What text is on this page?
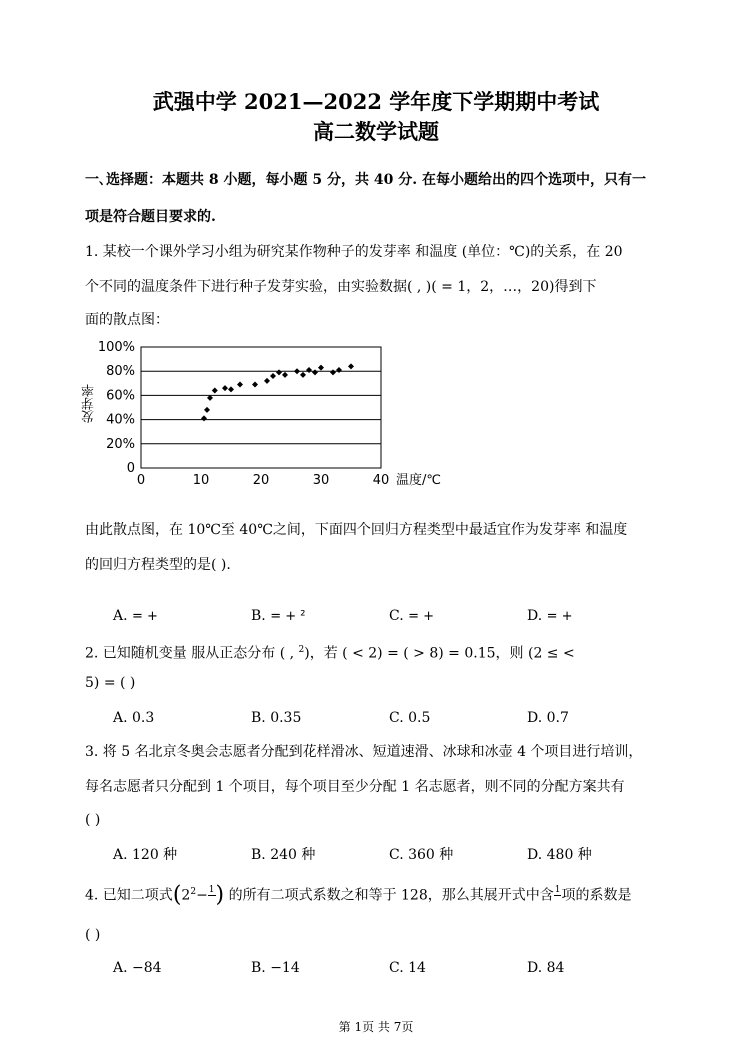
武强中学 2021—2022 学年度下学期期中考试
高二数学试题
一､选择题：本题共 8 小题，每小题 5 分，共 40 分. 在每小题给出的四个选项中，只有一
项是符合题目要求的.
1. 某校一个课外学习小组为研究某作物种子的发芽率 和温度 (单位：℃)的关系，在 20
个不同的温度条件下进行种子发芽实验，由实验数据( , )( = 1，2，…，20)得到下
面的散点图：
0
20%
40%
60%
80%
100%
0	10	20	30	40 温度/℃
发芽率
由此散点图，在 10℃至 40℃之间，下面四个回归方程类型中最适宜作为发芽率 和温度
的回归方程类型的是( ).
A. = +	B. = + ²	C. = +	D. = +
2. 已知随机变量 服从正态分布 ( , $^2$)，若 ( < 2) = ( > 8) = 0.15，则 (2 ≤ <
5) = ( )
A. 0.3	B. 0.35	C. 0.5	D. 0.7
3. 将 5 名北京冬奥会志愿者分配到花样滑冰、短道速滑、冰球和冰壶 4 个项目进行培训，
每名志愿者只分配到 1 个项目，每个项目至少分配 1 名志愿者，则不同的分配方案共有
( )
A. 120 种	B. 240 种	C. 360 种	D. 480 种
4. 已知二项式($2^2- 1$
) 的所有二项式系数之和等于 128，那么其展开式中含 1
项的系数是
( )
A. −84	B. −14	C. 14	D. 84
第 1页 共 7页
